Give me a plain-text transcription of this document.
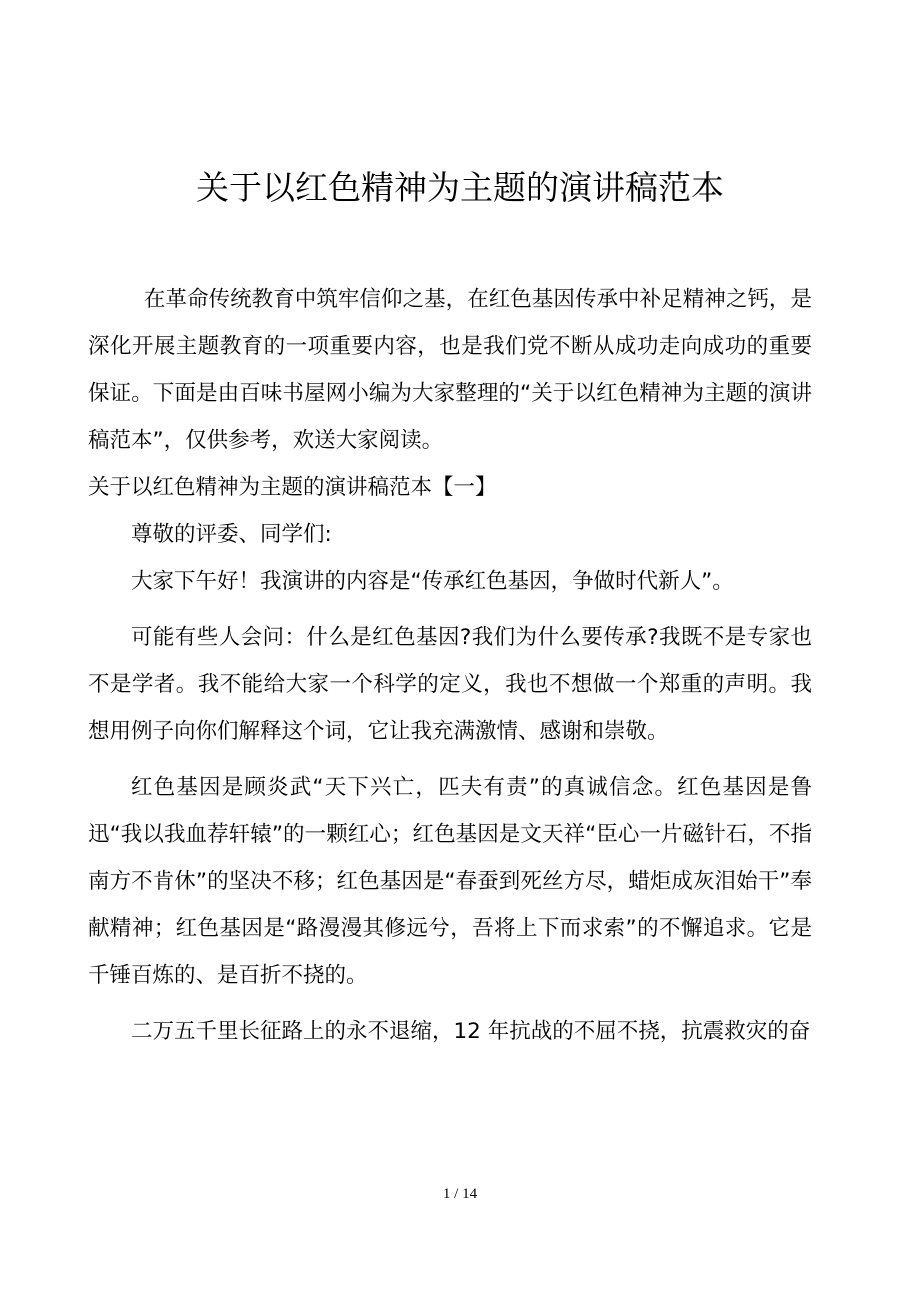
关于以红色精神为主题的演讲稿范本

在革命传统教育中筑牢信仰之基，在红色基因传承中补足精神之钙，是深化开展主题教育的一项重要内容，也是我们党不断从成功走向成功的重要保证。下面是由百味书屋网小编为大家整理的“关于以红色精神为主题的演讲稿范本”，仅供参考，欢送大家阅读。

关于以红色精神为主题的演讲稿范本【一】

尊敬的评委、同学们:

大家下午好！我演讲的内容是“传承红色基因，争做时代新人”。

可能有些人会问：什么是红色基因?我们为什么要传承?我既不是专家也不是学者。我不能给大家一个科学的定义，我也不想做一个郑重的声明。我想用例子向你们解释这个词，它让我充满激情、感谢和崇敬。

红色基因是顾炎武“天下兴亡，匹夫有责”的真诚信念。红色基因是鲁迅“我以我血荐轩辕”的一颗红心；红色基因是文天祥“臣心一片磁针石，不指南方不肯休”的坚决不移；红色基因是“春蚕到死丝方尽，蜡炬成灰泪始干”奉献精神；红色基因是“路漫漫其修远兮，吾将上下而求索”的不懈追求。它是千锤百炼的、是百折不挠的。

二万五千里长征路上的永不退缩，12 年抗战的不屈不挠，抗震救灾的奋

1 / 14
